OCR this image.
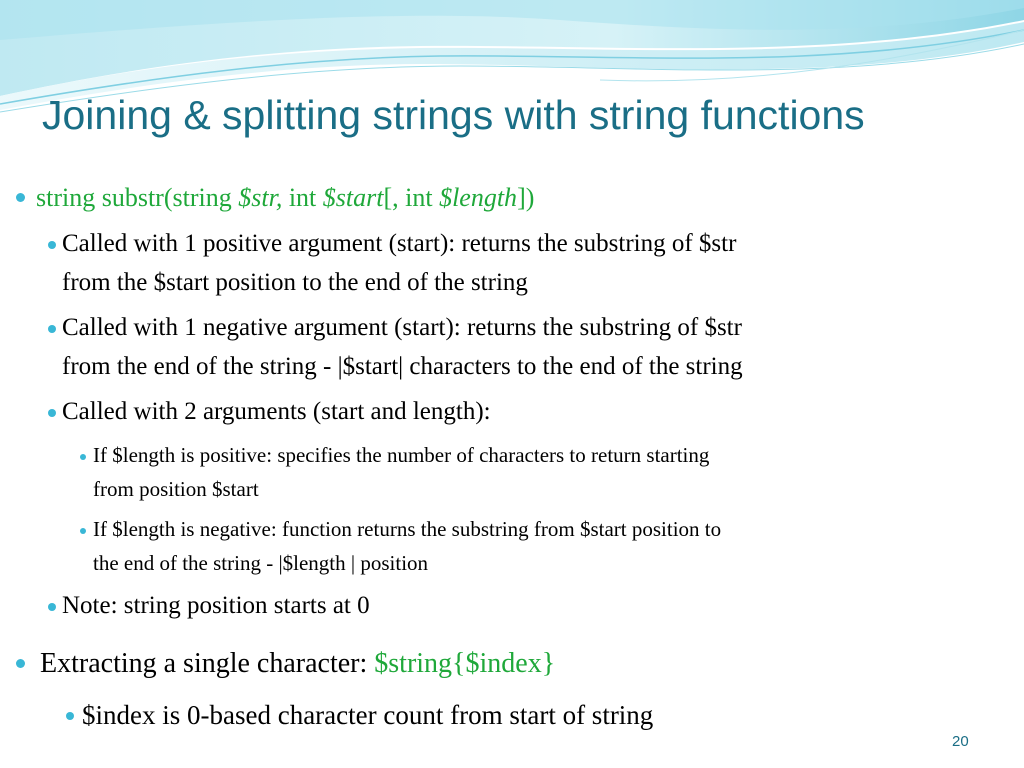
Joining & splitting strings with string functions

string substr(string $str, int $start[, int $length])

Called with 1 positive argument (start): returns the substring of $str

from the $start position to the end of the string

Called with 1 negative argument (start): returns the substring of $str

from the end of the string - |$start| characters to the end of the string

Called with 2 arguments (start and length):

If $length is positive: specifies the number of characters to return starting

from position $start

If $length is negative: function returns the substring from $start position to

the end of the string - |$length | position

Note: string position starts at 0

Extracting a single character: $string{$index}

$index is 0-based character count from start of string

20
